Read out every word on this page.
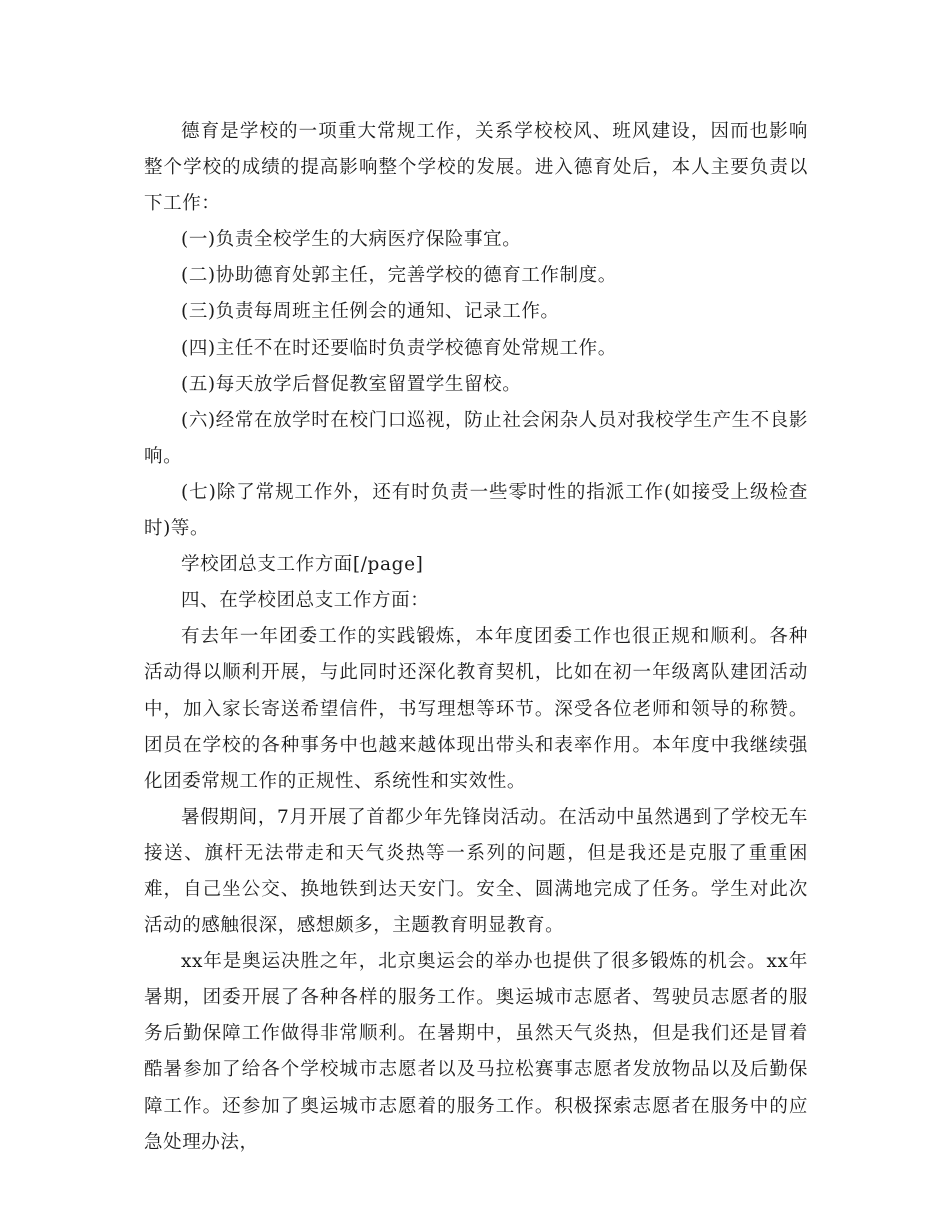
德育是学校的一项重大常规工作，关系学校校风、班风建设，因而也影响整个学校的成绩的提高影响整个学校的发展。进入德育处后，本人主要负责以下工作：

(一)负责全校学生的大病医疗保险事宜。

(二)协助德育处郭主任，完善学校的德育工作制度。

(三)负责每周班主任例会的通知、记录工作。

(四)主任不在时还要临时负责学校德育处常规工作。

(五)每天放学后督促教室留置学生留校。

(六)经常在放学时在校门口巡视，防止社会闲杂人员对我校学生产生不良影响。

(七)除了常规工作外，还有时负责一些零时性的指派工作(如接受上级检查时)等。

学校团总支工作方面[/page]

四、在学校团总支工作方面：

有去年一年团委工作的实践锻炼，本年度团委工作也很正规和顺利。各种活动得以顺利开展，与此同时还深化教育契机，比如在初一年级离队建团活动中，加入家长寄送希望信件，书写理想等环节。深受各位老师和领导的称赞。团员在学校的各种事务中也越来越体现出带头和表率作用。本年度中我继续强化团委常规工作的正规性、系统性和实效性。

暑假期间，7月开展了首都少年先锋岗活动。在活动中虽然遇到了学校无车接送、旗杆无法带走和天气炎热等一系列的问题，但是我还是克服了重重困难，自己坐公交、换地铁到达天安门。安全、圆满地完成了任务。学生对此次活动的感触很深，感想颇多，主题教育明显教育。

xx年是奥运决胜之年，北京奥运会的举办也提供了很多锻炼的机会。xx年暑期，团委开展了各种各样的服务工作。奥运城市志愿者、驾驶员志愿者的服务后勤保障工作做得非常顺利。在暑期中，虽然天气炎热，但是我们还是冒着酷暑参加了给各个学校城市志愿者以及马拉松赛事志愿者发放物品以及后勤保障工作。还参加了奥运城市志愿着的服务工作。积极探索志愿者在服务中的应急处理办法，
